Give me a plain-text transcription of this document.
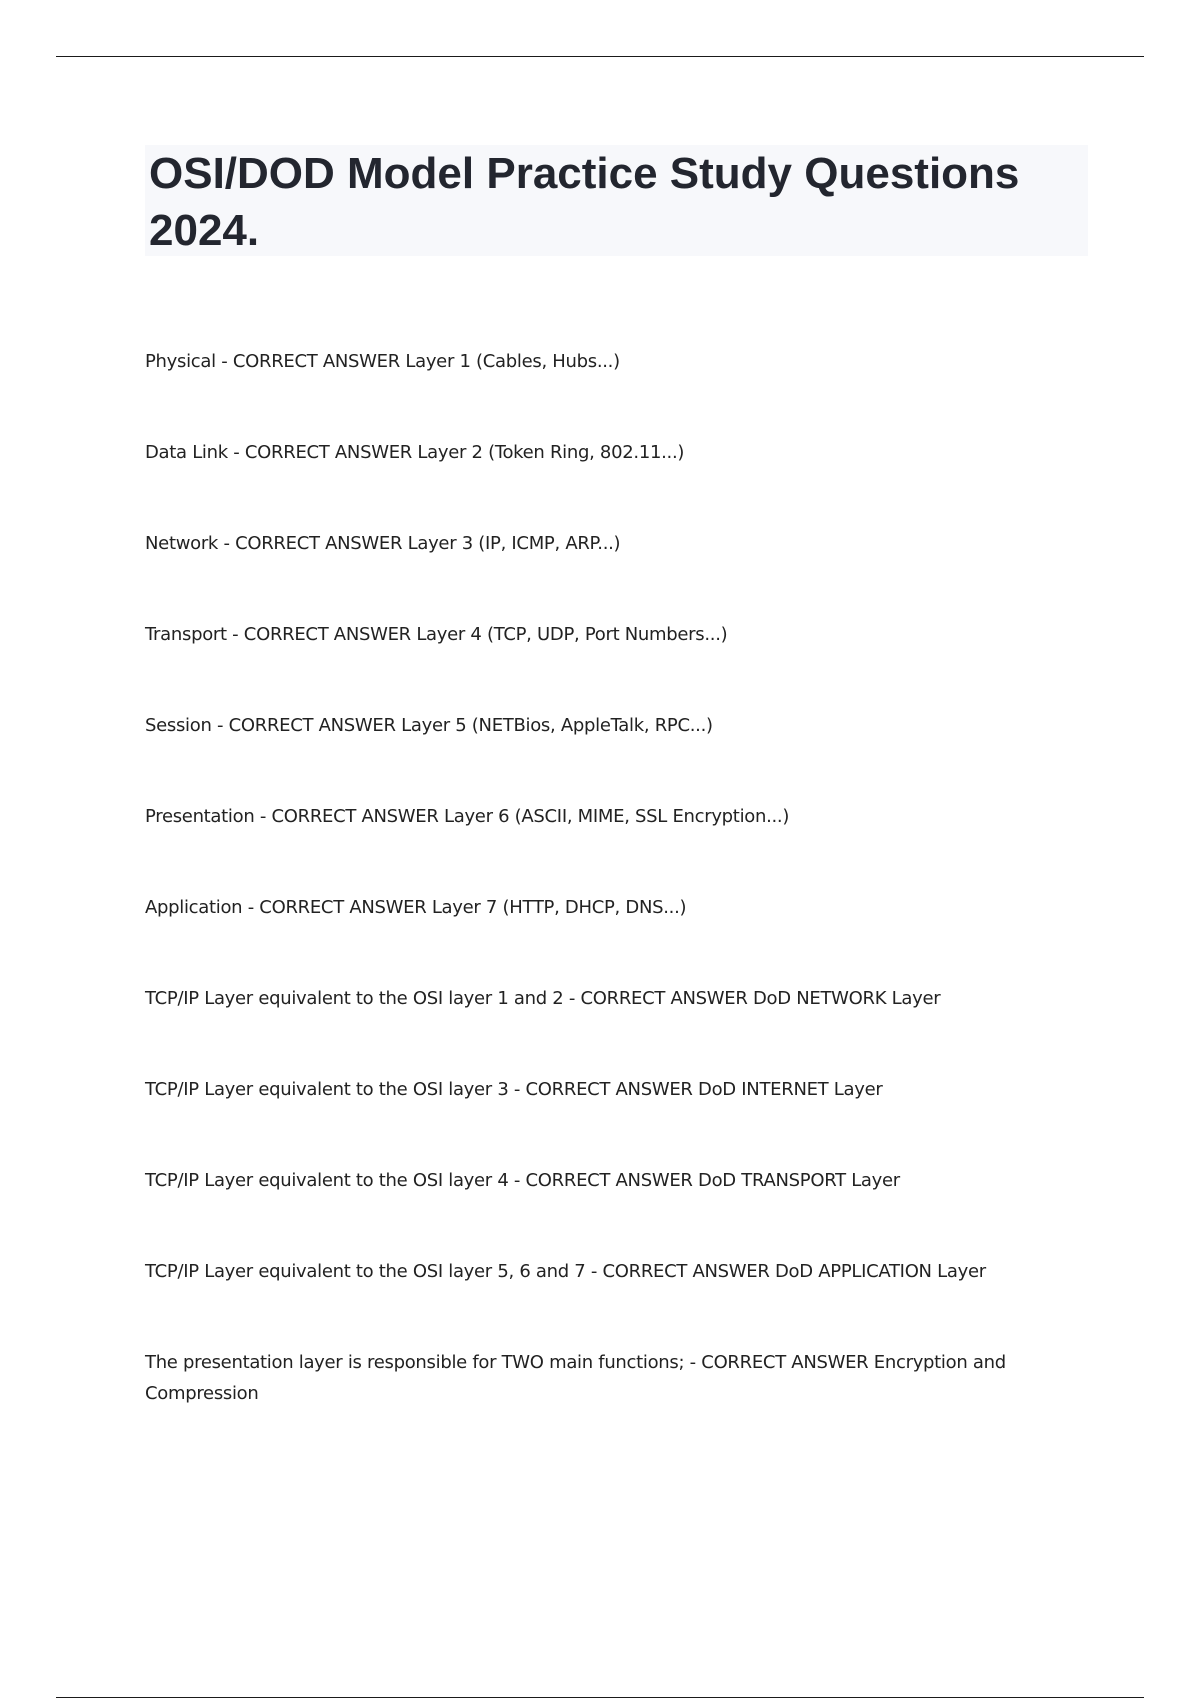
OSI/DOD Model Practice Study Questions 2024.
Physical - CORRECT ANSWER Layer 1 (Cables, Hubs...)
Data Link - CORRECT ANSWER Layer 2 (Token Ring, 802.11...)
Network - CORRECT ANSWER Layer 3 (IP, ICMP, ARP...)
Transport - CORRECT ANSWER Layer 4 (TCP, UDP, Port Numbers...)
Session - CORRECT ANSWER Layer 5 (NETBios, AppleTalk, RPC...)
Presentation - CORRECT ANSWER Layer 6 (ASCII, MIME, SSL Encryption...)
Application - CORRECT ANSWER Layer 7 (HTTP, DHCP, DNS...)
TCP/IP Layer equivalent to the OSI layer 1 and 2 - CORRECT ANSWER DoD NETWORK Layer
TCP/IP Layer equivalent to the OSI layer 3 - CORRECT ANSWER DoD INTERNET Layer
TCP/IP Layer equivalent to the OSI layer 4 - CORRECT ANSWER DoD TRANSPORT Layer
TCP/IP Layer equivalent to the OSI layer 5, 6 and 7 - CORRECT ANSWER DoD APPLICATION Layer
The presentation layer is responsible for TWO main functions; - CORRECT ANSWER Encryption and Compression
